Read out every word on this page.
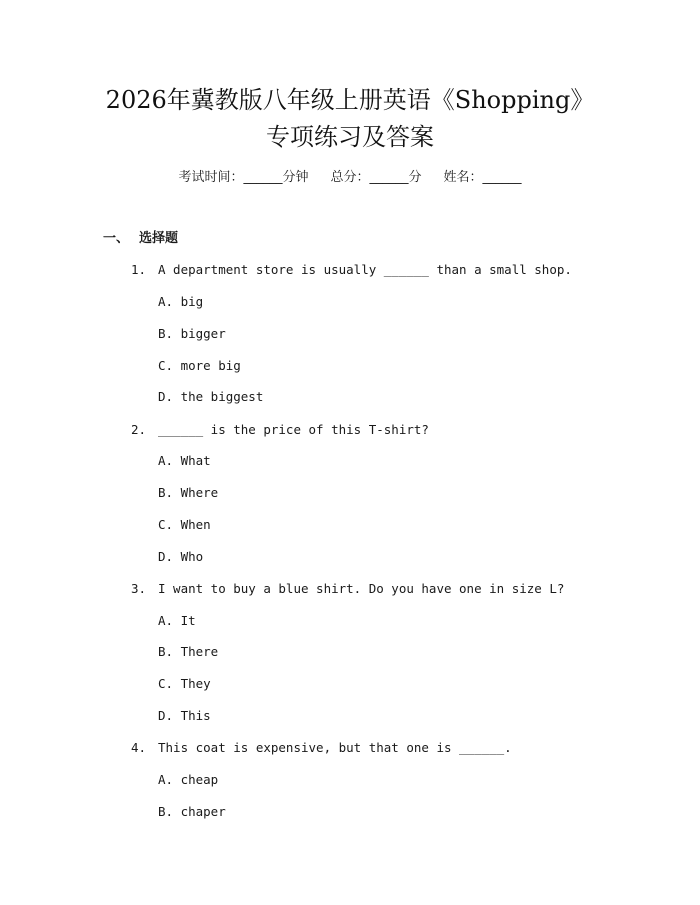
2026年冀教版八年级上册英语《Shopping》
专项练习及答案
考试时间：______分钟 总分：______分 姓名：______
一、 选择题
1. A department store is usually ______ than a small shop.
A. big
B. bigger
C. more big
D. the biggest
2. ______ is the price of this T-shirt?
A. What
B. Where
C. When
D. Who
3. I want to buy a blue shirt. Do you have one in size L?
A. It
B. There
C. They
D. This
4. This coat is expensive, but that one is ______.
A. cheap
B. chaper
